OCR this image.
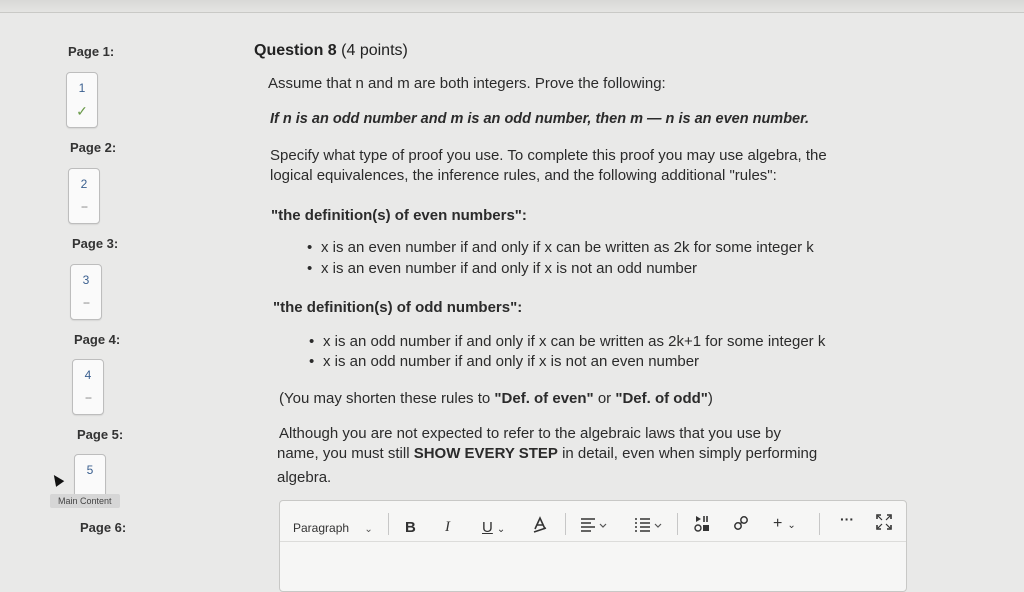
Page 1:
1
✓
Page 2:
2
--
Page 3:
3
--
Page 4:
4
--
Page 5:
5
Main Content
Page 6:
Question 8 (4 points)
Assume that n and m are both integers. Prove the following:
If n is an odd number and m is an odd number, then m — n is an even number.
Specify what type of proof you use. To complete this proof you may use algebra, the
logical equivalences, the inference rules, and the following additional "rules":
"the definition(s) of even numbers":
• x is an even number if and only if x can be written as 2k for some integer k
• x is an even number if and only if x is not an odd number
"the definition(s) of odd numbers":
• x is an odd number if and only if x can be written as 2k+1 for some integer k
• x is an odd number if and only if x is not an even number
(You may shorten these rules to "Def. of even" or "Def. of odd")
Although you are not expected to refer to the algebraic laws that you use by
name, you must still SHOW EVERY STEP in detail, even when simply performing
algebra.
Paragraph ⌄ B I U ⌄	+ ⌄	···
